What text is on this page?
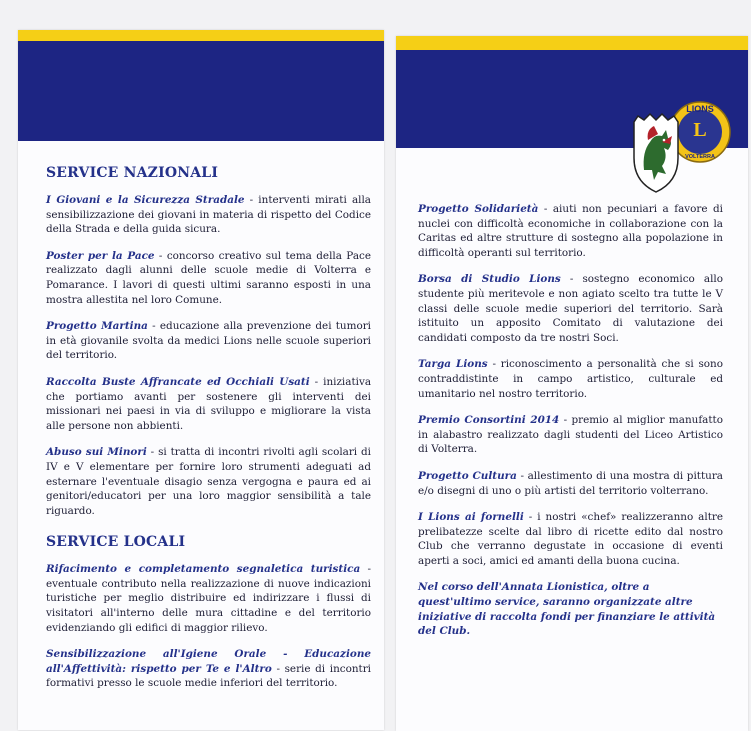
SERVICE NAZIONALI

I Giovani e la Sicurezza Stradale - interventi mirati alla sensibilizzazione dei giovani in materia di rispetto del Codice della Strada e della guida sicura.

Poster per la Pace - concorso creativo sul tema della Pace realizzato dagli alunni delle scuole medie di Volterra e Pomarance. I lavori di questi ultimi saranno esposti in una mostra allestita nel loro Comune.

Progetto Martina - educazione alla prevenzione dei tumori in età giovanile svolta da medici Lions nelle scuole superiori del territorio.

Raccolta Buste Affrancate ed Occhiali Usati - iniziativa che portiamo avanti per sostenere gli interventi dei missionari nei paesi in via di sviluppo e migliorare la vista alle persone non abbienti.

Abuso sui Minori - si tratta di incontri rivolti agli scolari di IV e V elementare per fornire loro strumenti adeguati ad esternare l'eventuale disagio senza vergogna e paura ed ai genitori/educatori per una loro maggior sensibilità a tale riguardo.

SERVICE LOCALI

Rifacimento e completamento segnaletica turistica - eventuale contributo nella realizzazione di nuove indicazioni turistiche per meglio distribuire ed indirizzare i flussi di visitatori all'interno delle mura cittadine e del territorio evidenziando gli edifici di maggior rilievo.

Sensibilizzazione all'Igiene Orale - Educazione all'Affettività: rispetto per Te e l'Altro - serie di incontri formativi presso le scuole medie inferiori del territorio.

LIONS
L
VOLTERRA

Progetto Solidarietà - aiuti non pecuniari a favore di nuclei con difficoltà economiche in collaborazione con la Caritas ed altre strutture di sostegno alla popolazione in difficoltà operanti sul territorio.

Borsa di Studio Lions - sostegno economico allo studente più meritevole e non agiato scelto tra tutte le V classi delle scuole medie superiori del territorio. Sarà istituito un apposito Comitato di valutazione dei candidati composto da tre nostri Soci.

Targa Lions - riconoscimento a personalità che si sono contraddistinte in campo artistico, culturale ed umanitario nel nostro territorio.

Premio Consortini 2014 - premio al miglior manufatto in alabastro realizzato dagli studenti del Liceo Artistico di Volterra.

Progetto Cultura - allestimento di una mostra di pittura e/o disegni di uno o più artisti del territorio volterrano.

I Lions ai fornelli - i nostri «chef» realizzeranno altre prelibatezze scelte dal libro di ricette edito dal nostro Club che verranno degustate in occasione di eventi aperti a soci, amici ed amanti della buona cucina.

Nel corso dell'Annata Lionistica, oltre a quest'ultimo service, saranno organizzate altre iniziative di raccolta fondi per finanziare le attività del Club.
